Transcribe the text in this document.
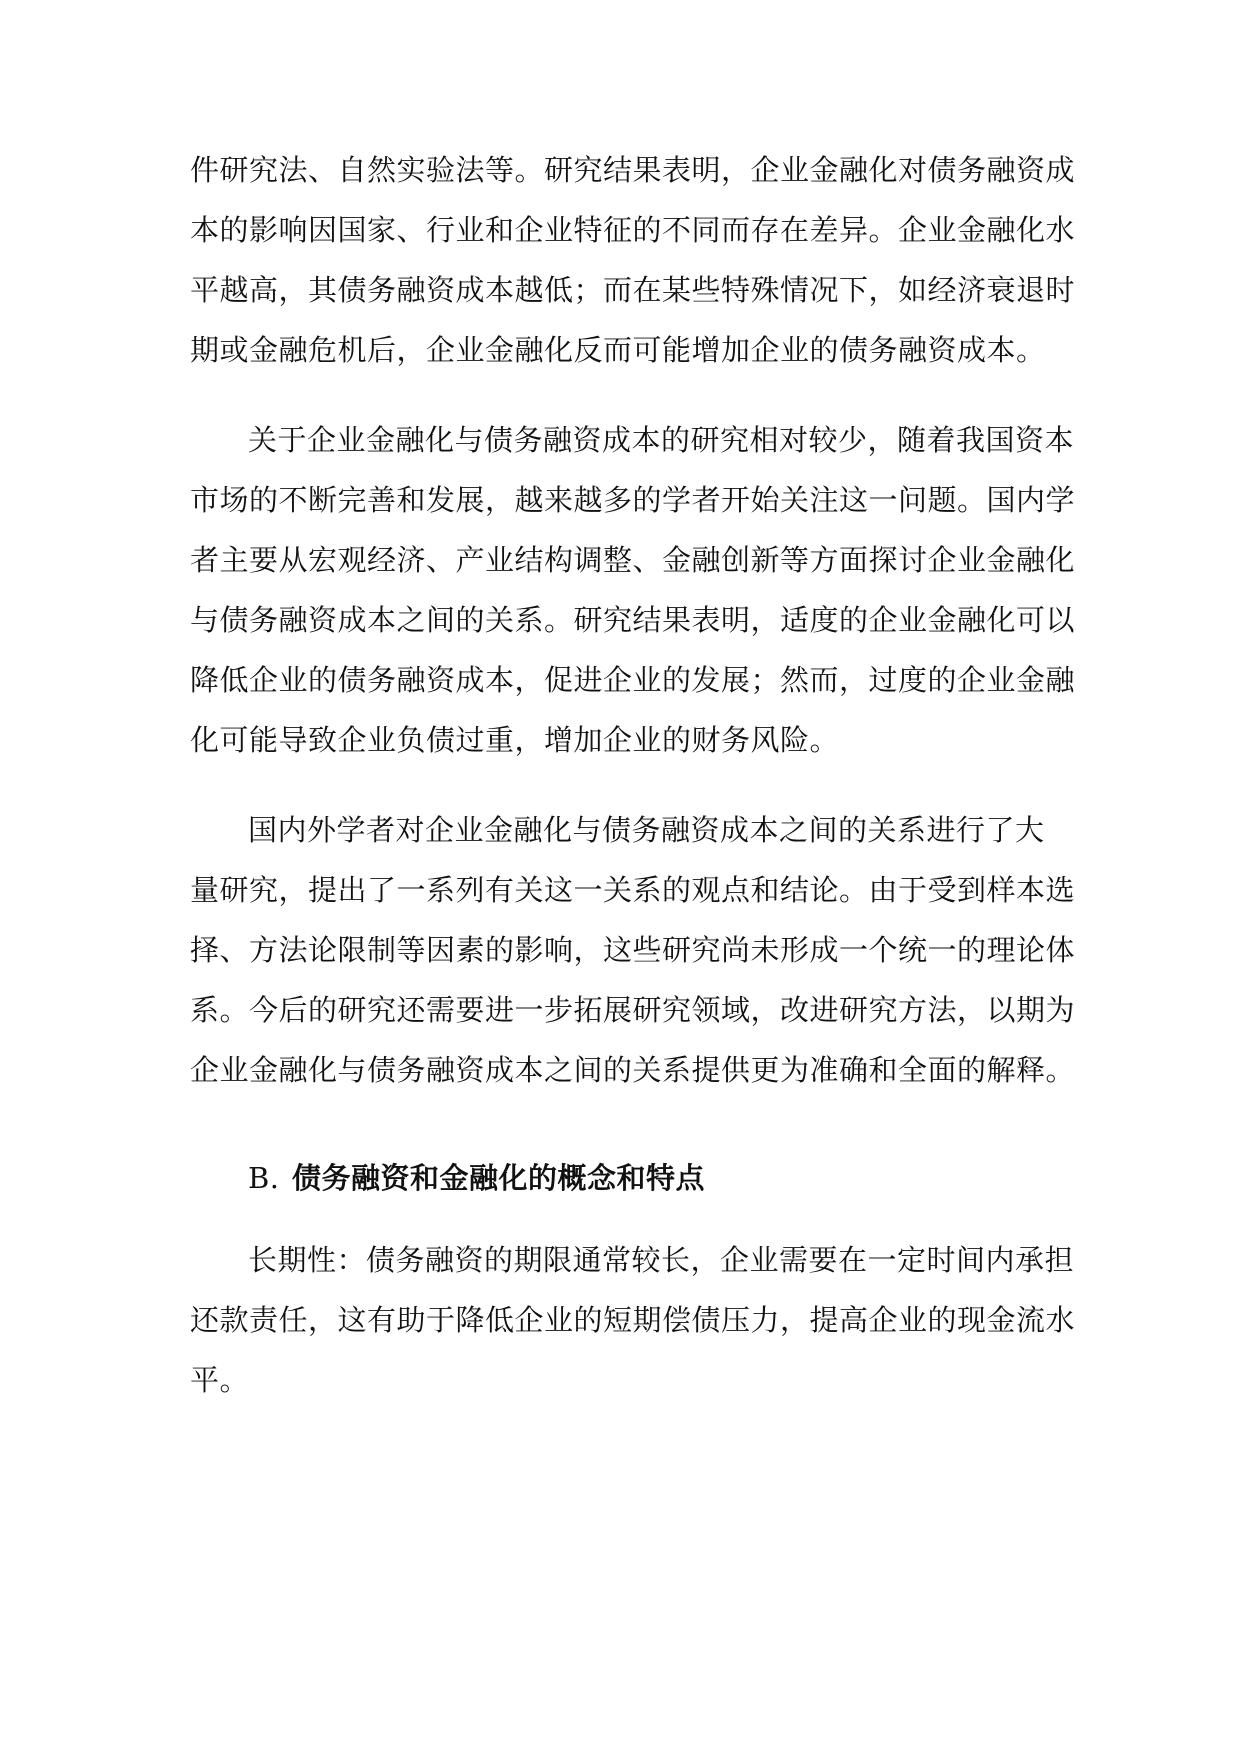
件研究法、自然实验法等。研究结果表明，企业金融化对债务融资成
本的影响因国家、行业和企业特征的不同而存在差异。企业金融化水
平越高，其债务融资成本越低；而在某些特殊情况下，如经济衰退时
期或金融危机后，企业金融化反而可能增加企业的债务融资成本。
关于企业金融化与债务融资成本的研究相对较少，随着我国资本
市场的不断完善和发展，越来越多的学者开始关注这一问题。国内学
者主要从宏观经济、产业结构调整、金融创新等方面探讨企业金融化
与债务融资成本之间的关系。研究结果表明，适度的企业金融化可以
降低企业的债务融资成本，促进企业的发展；然而，过度的企业金融
化可能导致企业负债过重，增加企业的财务风险。
国内外学者对企业金融化与债务融资成本之间的关系进行了大
量研究，提出了一系列有关这一关系的观点和结论。由于受到样本选
择、方法论限制等因素的影响，这些研究尚未形成一个统一的理论体
系。今后的研究还需要进一步拓展研究领域，改进研究方法，以期为
企业金融化与债务融资成本之间的关系提供更为准确和全面的解释。
B. 债务融资和金融化的概念和特点
长期性：债务融资的期限通常较长，企业需要在一定时间内承担
还款责任，这有助于降低企业的短期偿债压力，提高企业的现金流水
平。
